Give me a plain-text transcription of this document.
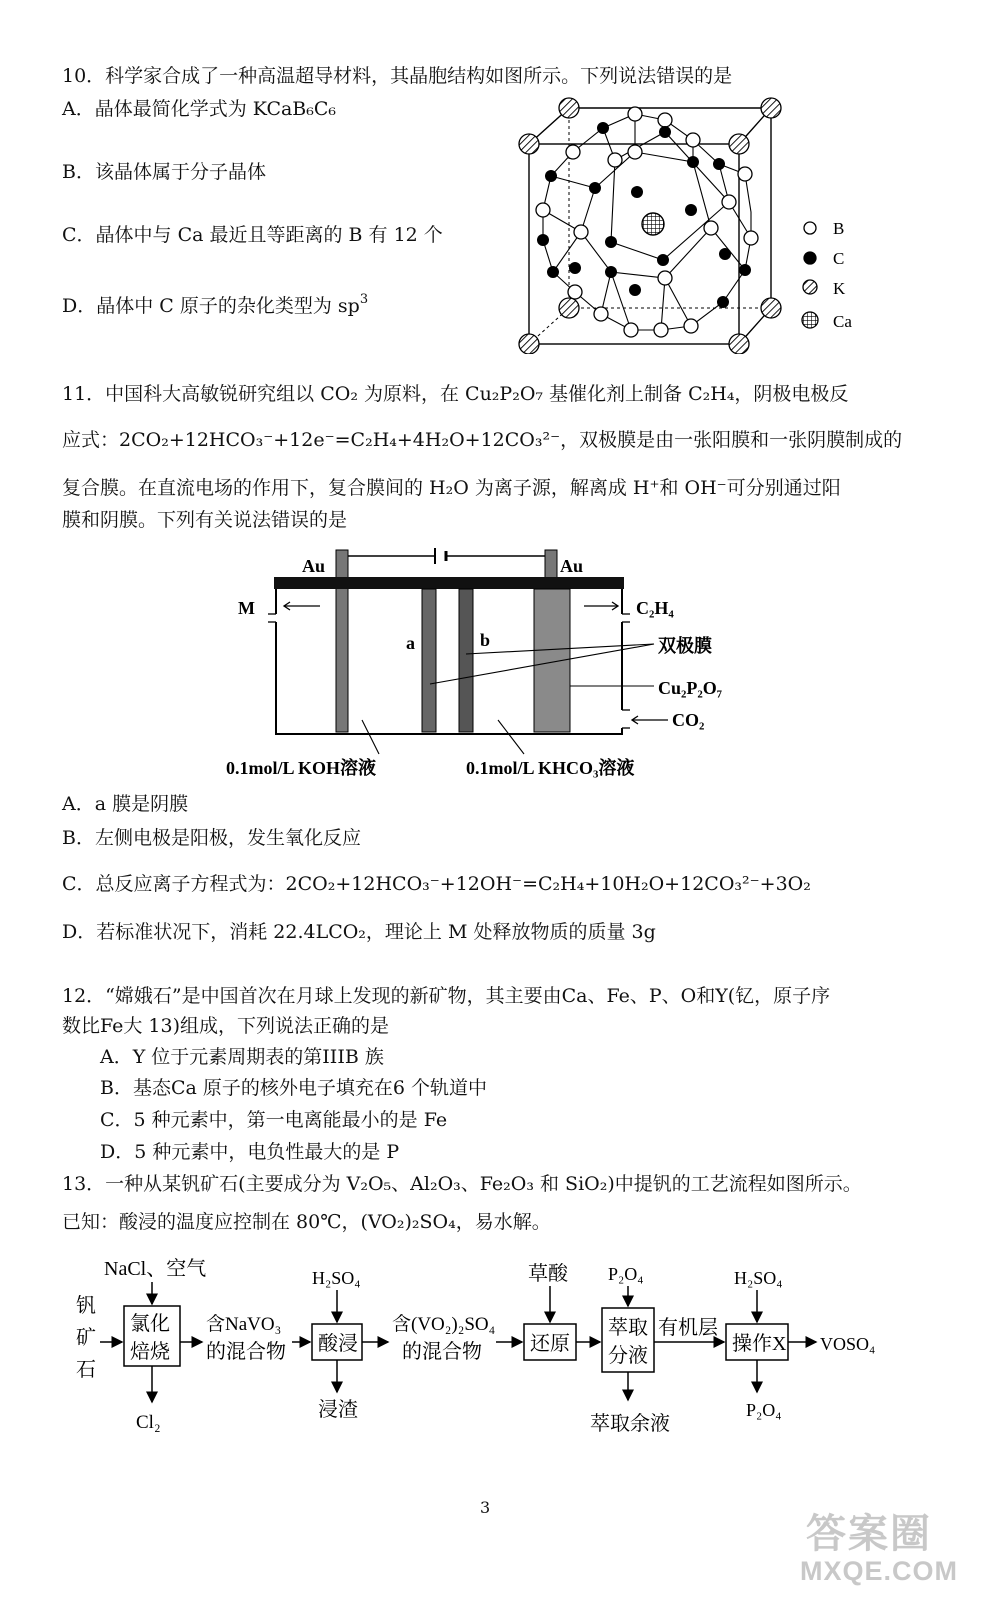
10．科学家合成了一种高温超导材料，其晶胞结构如图所示。下列说法错误的是
A．晶体最简化学式为 KCaB₆C₆
B．该晶体属于分子晶体
C．晶体中与 Ca 最近且等距离的 B 有 12 个
D．晶体中 C 原子的杂化类型为 $sp^3$
B
C
K
Ca
11．中国科大高敏锐研究组以 CO₂ 为原料，在 Cu₂P₂O₇ 基催化剂上制备 C₂H₄，阴极电极反
应式：2CO₂+12HCO₃⁻+12e⁻=C₂H₄+4H₂O+12CO₃²⁻，双极膜是由一张阳膜和一张阴膜制成的
复合膜。在直流电场的作用下，复合膜间的 H₂O 为离子源，解离成 H⁺和 OH⁻可分别通过阳
膜和阴膜。下列有关说法错误的是
Au	Au
M	C₂H₄
CO₂
a	b	双极膜
Cu₂P₂O₇
0.1mol/L KOH溶液	0.1mol/L KHCO₃溶液
A．a 膜是阴膜
B．左侧电极是阳极，发生氧化反应
C．总反应离子方程式为：2CO₂+12HCO₃⁻+12OH⁻=C₂H₄+10H₂O+12CO₃²⁻+3O₂
D．若标准状况下，消耗 22.4LCO₂，理论上 M 处释放物质的质量 3g
12．“嫦娥石”是中国首次在月球上发现的新矿物，其主要由Ca、Fe、P、O和Y(钇，原子序
数比Fe大 13)组成，下列说法正确的是
A．Y 位于元素周期表的第IIIB 族
B．基态Ca 原子的核外电子填充在6 个轨道中
C．5 种元素中，第一电离能最小的是 Fe
D．5 种元素中，电负性最大的是 P
13．一种从某钒矿石(主要成分为 V₂O₅、Al₂O₃、Fe₂O₃ 和 SiO₂)中提钒的工艺流程如图所示。
已知：酸浸的温度应控制在 80℃，(VO₂)₂SO₄，易水解。
钒
矿
石
NaCl、空气
氯化
焙烧
Cl₂
含NaVO₃
的混合物
H₂SO₄
酸浸
浸渣
含(VO₂)₂SO₄
的混合物
草酸
还原
P₂O₄
萃取
分液
萃取余液
有机层
H₂SO₄
操作X
P₂O₄
VOSO₄
3
答案圈
MXQE.COM
